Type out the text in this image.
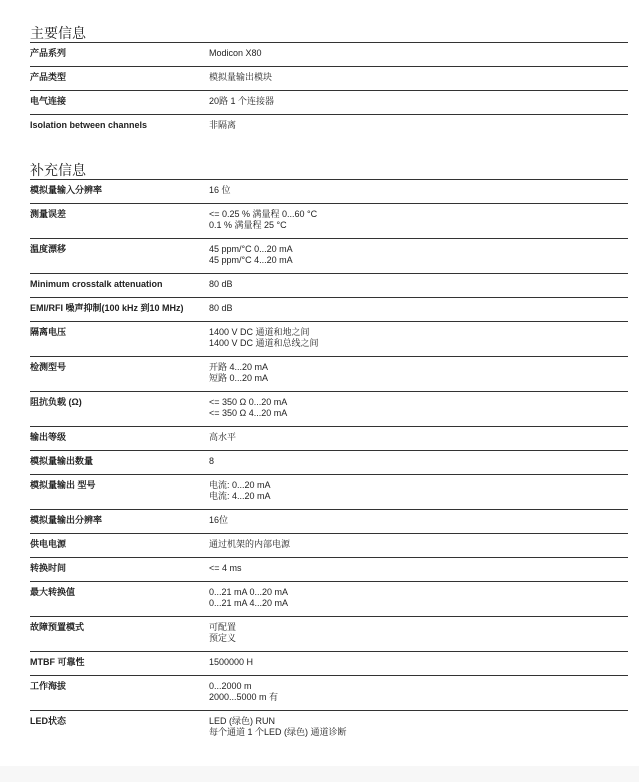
主要信息
产品系列	Modicon X80
产品类型	模拟量输出模块
电气连接	20路 1 个连接器
Isolation between channels	非隔离
补充信息
模拟量输入分辨率	16 位
测量误差	<= 0.25 % 满量程 0...60 °C
0.1 % 满量程 25 °C
温度漂移	45 ppm/°C 0...20 mA
45 ppm/°C 4...20 mA
Minimum crosstalk attenuation	80 dB
EMI/RFI 噪声抑制(100 kHz 到10 MHz)	80 dB
隔离电压	1400 V DC 通道和地之间
1400 V DC 通道和总线之间
检测型号	开路 4...20 mA
短路 0...20 mA
阻抗负载 (Ω)	<= 350 Ω 0...20 mA
<= 350 Ω 4...20 mA
输出等级	高水平
模拟量输出数量	8
模拟量输出 型号	电流: 0...20 mA
电流: 4...20 mA
模拟量输出分辨率	16位
供电电源	通过机架的内部电源
转换时间	<= 4 ms
最大转换值	0...21 mA 0...20 mA
0...21 mA 4...20 mA
故障预置模式	可配置
预定义
MTBF 可靠性	1500000 H
工作海拔	0...2000 m
2000...5000 m 有
LED状态	LED (绿色) RUN
每个通道 1 个LED (绿色) 通道诊断
